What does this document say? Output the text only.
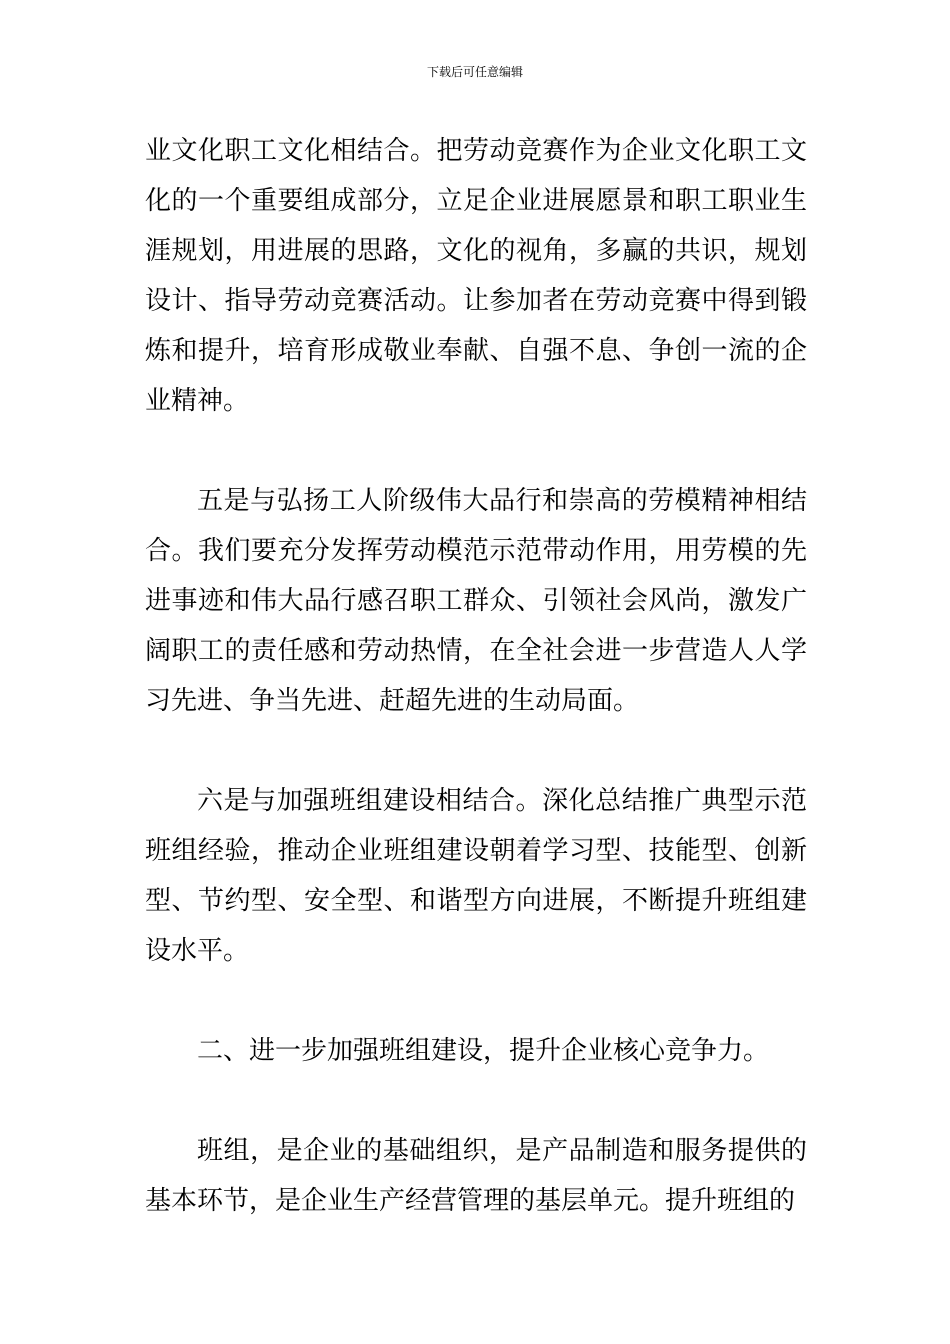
下载后可任意编辑

业文化职工文化相结合。把劳动竞赛作为企业文化职工文化的一个重要组成部分，立足企业进展愿景和职工职业生涯规划，用进展的思路，文化的视角，多赢的共识，规划设计、指导劳动竞赛活动。让参加者在劳动竞赛中得到锻炼和提升，培育形成敬业奉献、自强不息、争创一流的企业精神。

五是与弘扬工人阶级伟大品行和崇高的劳模精神相结合。我们要充分发挥劳动模范示范带动作用，用劳模的先进事迹和伟大品行感召职工群众、引领社会风尚，激发广阔职工的责任感和劳动热情，在全社会进一步营造人人学习先进、争当先进、赶超先进的生动局面。

六是与加强班组建设相结合。深化总结推广典型示范班组经验，推动企业班组建设朝着学习型、技能型、创新型、节约型、安全型、和谐型方向进展，不断提升班组建设水平。

二、进一步加强班组建设，提升企业核心竞争力。

班组，是企业的基础组织，是产品制造和服务提供的基本环节，是企业生产经营管理的基层单元。提升班组的
